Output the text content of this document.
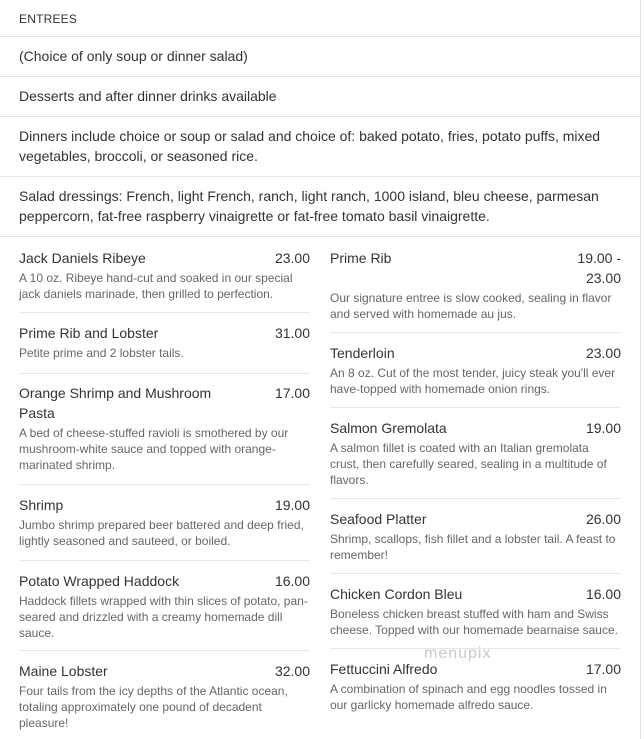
ENTREES
(Choice of only soup or dinner salad)
Desserts and after dinner drinks available
Dinners include choice or soup or salad and choice of: baked potato, fries, potato puffs, mixed vegetables, broccoli, or seasoned rice.
Salad dressings: French, light French, ranch, light ranch, 1000 island, bleu cheese, parmesan peppercorn, fat-free raspberry vinaigrette or fat-free tomato basil vinaigrette.
Jack Daniels Ribeye	23.00
A 10 oz. Ribeye hand-cut and soaked in our special jack daniels marinade, then grilled to perfection.
Prime Rib and Lobster	31.00
Petite prime and 2 lobster tails.
Orange Shrimp and Mushroom Pasta
17.00
A bed of cheese-stuffed ravioli is smothered by our mushroom-white sauce and topped with orange-marinated shrimp.
Shrimp	19.00
Jumbo shrimp prepared beer battered and deep fried, lightly seasoned and sauteed, or boiled.
Potato Wrapped Haddock	16.00
Haddock fillets wrapped with thin slices of potato, pan-seared and drizzled with a creamy homemade dill sauce.
Maine Lobster	32.00
Four tails from the icy depths of the Atlantic ocean, totaling approximately one pound of decadent pleasure!
Prime Rib	19.00 - 23.00
Our signature entree is slow cooked, sealing in flavor and served with homemade au jus.
Tenderloin	23.00
An 8 oz. Cut of the most tender, juicy steak you'll ever have-topped with homemade onion rings.
Salmon Gremolata	19.00
A salmon fillet is coated with an Italian gremolata crust, then carefully seared, sealing in a multitude of flavors.
Seafood Platter	26.00
Shrimp, scallops, fish fillet and a lobster tail. A feast to remember!
Chicken Cordon Bleu	16.00
Boneless chicken breast stuffed with ham and Swiss cheese. Topped with our homemade bearnaise sauce.
Fettuccini Alfredo	17.00
A combination of spinach and egg noodles tossed in our garlicky homemade alfredo sauce.
menupix
